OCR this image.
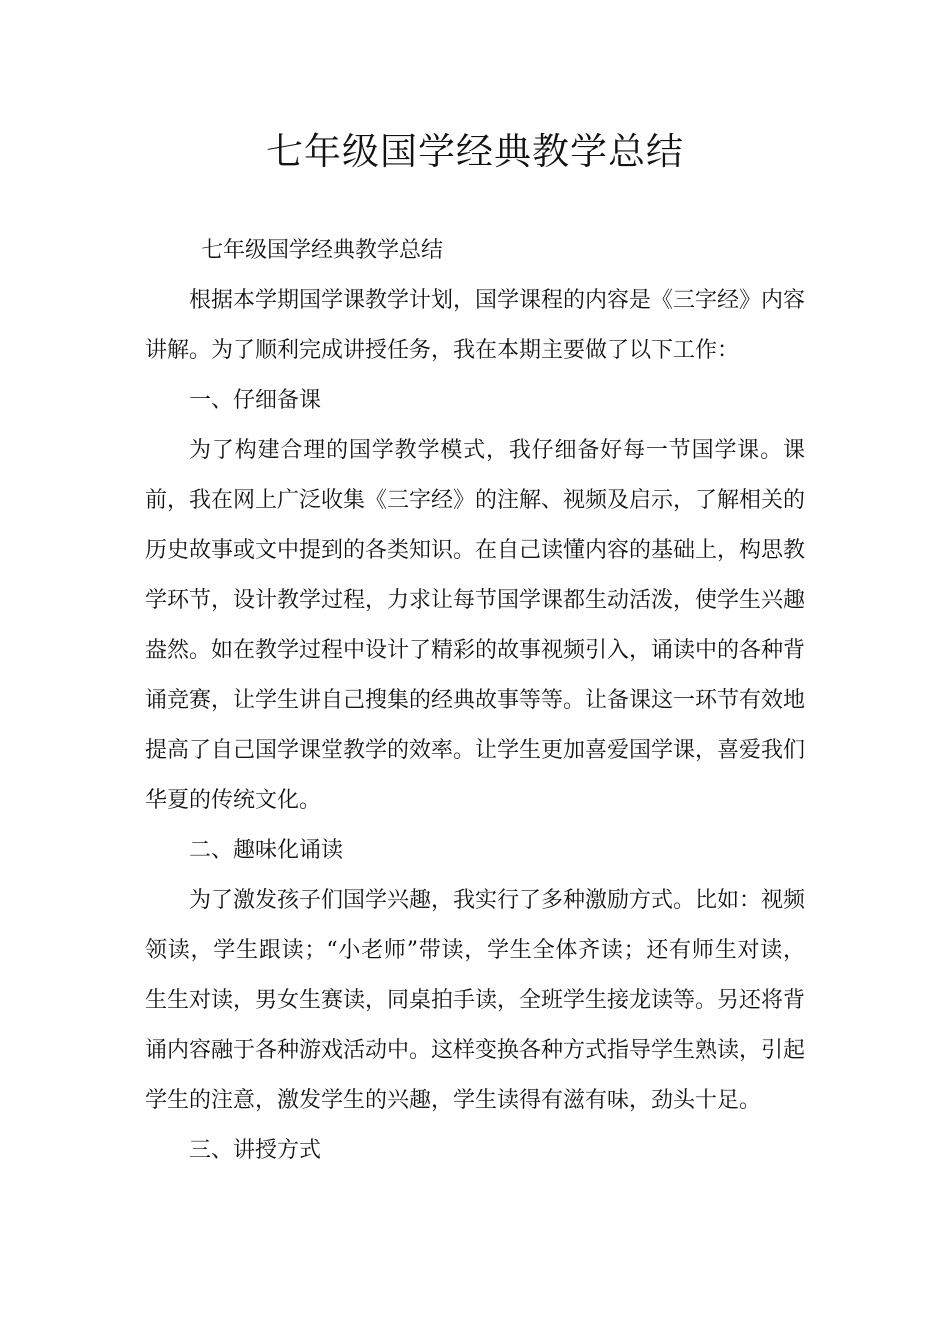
七年级国学经典教学总结

七年级国学经典教学总结

根据本学期国学课教学计划，国学课程的内容是《三字经》内容讲解。为了顺利完成讲授任务，我在本期主要做了以下工作：

一、仔细备课

为了构建合理的国学教学模式，我仔细备好每一节国学课。课前，我在网上广泛收集《三字经》的注解、视频及启示，了解相关的历史故事或文中提到的各类知识。在自己读懂内容的基础上，构思教学环节，设计教学过程，力求让每节国学课都生动活泼，使学生兴趣盎然。如在教学过程中设计了精彩的故事视频引入，诵读中的各种背诵竞赛，让学生讲自己搜集的经典故事等等。让备课这一环节有效地提高了自己国学课堂教学的效率。让学生更加喜爱国学课，喜爱我们华夏的传统文化。

二、趣味化诵读

为了激发孩子们国学兴趣，我实行了多种激励方式。比如：视频领读，学生跟读；“小老师”带读，学生全体齐读；还有师生对读，生生对读，男女生赛读，同桌拍手读，全班学生接龙读等。另还将背诵内容融于各种游戏活动中。这样变换各种方式指导学生熟读，引起学生的注意，激发学生的兴趣，学生读得有滋有味，劲头十足。

三、讲授方式
